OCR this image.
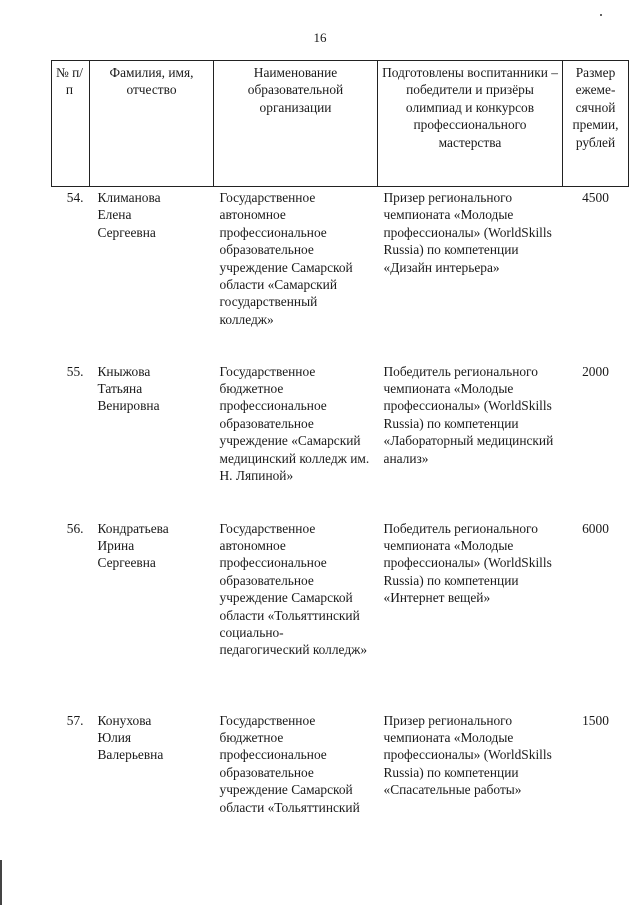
16
№ п/п	Фамилия, имя, отчество	Наименование образовательной организации	Подготовлены воспитанники – победители и призёры олимпиад и конкурсов профессионального мастерства	Размер ежеме-сячной премии, рублей
54.	Климанова
Елена
Сергеевна	Государственное автономное профессиональное образовательное учреждение Самарской области «Самарский государственный колледж»	Призер регионального чемпионата «Молодые профессионалы» (WorldSkills Russia) по компетенции «Дизайн интерьера»	4500
55.	Кныжова
Татьяна
Венировна	Государственное бюджетное профессиональное образовательное учреждение «Самарский медицинский колледж им. Н. Ляпиной»	Победитель регионального чемпионата «Молодые профессионалы» (WorldSkills Russia) по компетенции «Лабораторный медицинский анализ»	2000
56.	Кондратьева
Ирина
Сергеевна	Государственное автономное профессиональное образовательное учреждение Самарской области «Тольяттинский социально-педагогический колледж»	Победитель регионального чемпионата «Молодые профессионалы» (WorldSkills Russia) по компетенции «Интернет вещей»	6000
57.	Конухова
Юлия
Валерьевна	Государственное бюджетное профессиональное образовательное учреждение Самарской области «Тольяттинский	Призер регионального чемпионата «Молодые профессионалы» (WorldSkills Russia) по компетенции «Спасательные работы»	1500
